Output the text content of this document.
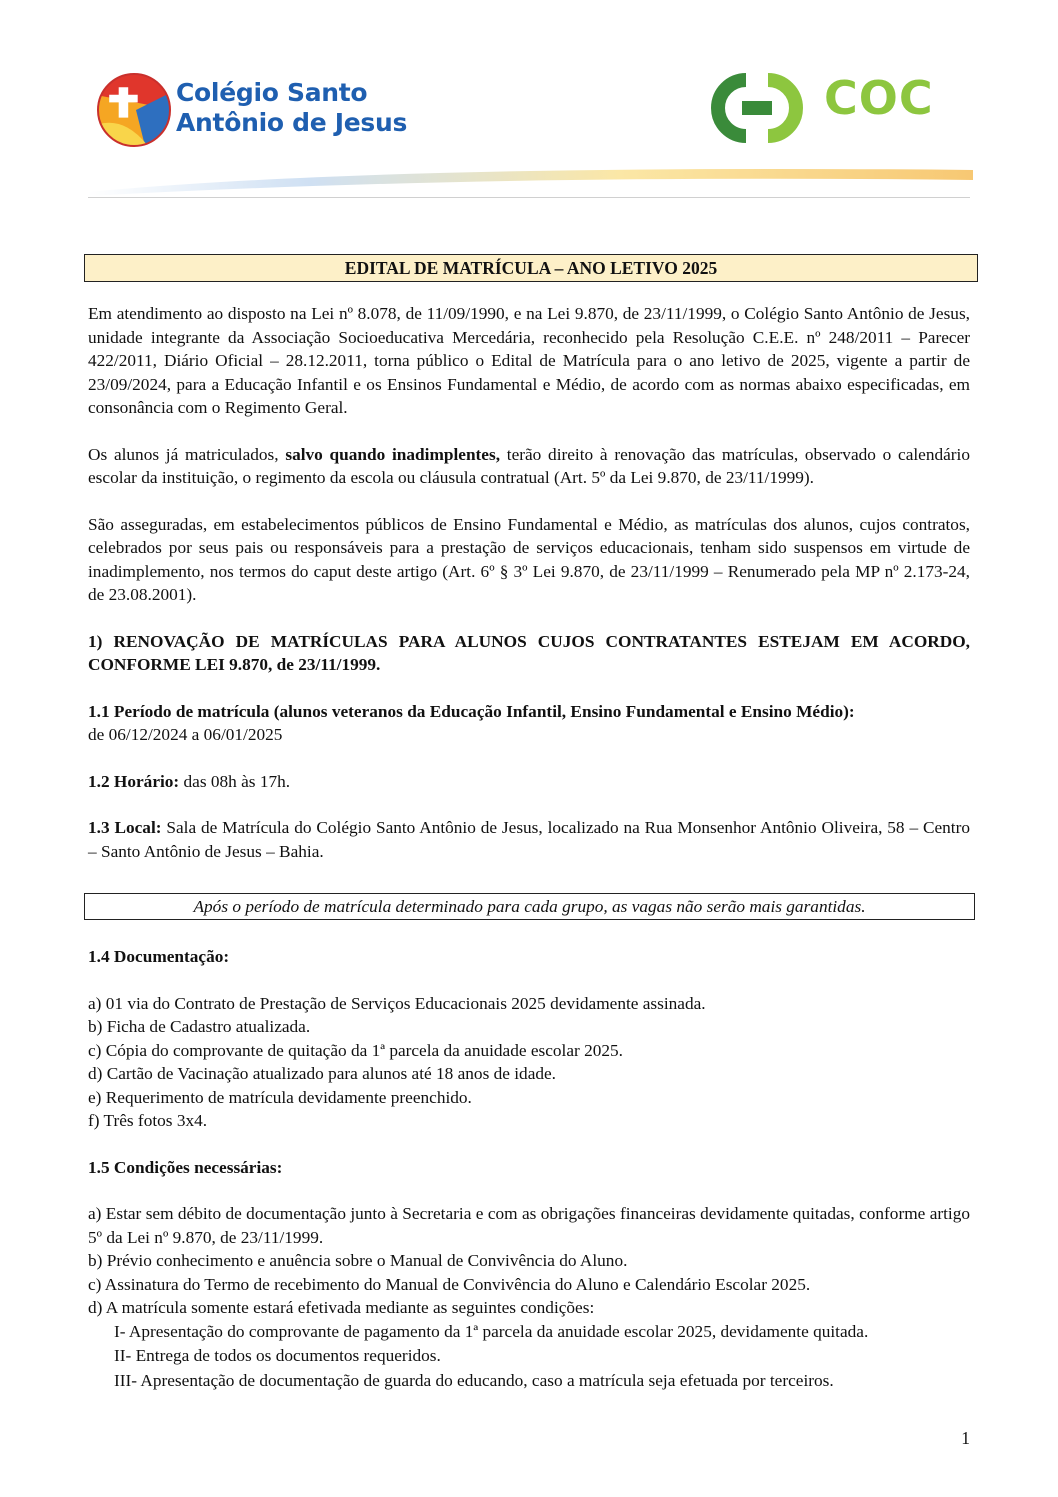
Colégio Santo
Antônio de Jesus	COC
EDITAL DE MATRÍCULA – ANO LETIVO 2025

Em atendimento ao disposto na Lei nº 8.078, de 11/09/1990, e na Lei 9.870, de 23/11/1999, o Colégio Santo Antônio de Jesus, unidade integrante da Associação Socioeducativa Mercedária, reconhecido pela Resolução C.E.E. nº 248/2011 – Parecer 422/2011, Diário Oficial – 28.12.2011, torna público o Edital de Matrícula para o ano letivo de 2025, vigente a partir de 23/09/2024, para a Educação Infantil e os Ensinos Fundamental e Médio, de acordo com as normas abaixo especificadas, em consonância com o Regimento Geral.

Os alunos já matriculados, salvo quando inadimplentes, terão direito à renovação das matrículas, observado o calendário escolar da instituição, o regimento da escola ou cláusula contratual (Art. 5º da Lei 9.870, de 23/11/1999).

São asseguradas, em estabelecimentos públicos de Ensino Fundamental e Médio, as matrículas dos alunos, cujos contratos, celebrados por seus pais ou responsáveis para a prestação de serviços educacionais, tenham sido suspensos em virtude de inadimplemento, nos termos do caput deste artigo (Art. 6º § 3º Lei 9.870, de 23/11/1999 – Renumerado pela MP nº 2.173-24, de 23.08.2001).

1) RENOVAÇÃO DE MATRÍCULAS PARA ALUNOS CUJOS CONTRATANTES ESTEJAM EM ACORDO, CONFORME LEI 9.870, de 23/11/1999.

1.1 Período de matrícula (alunos veteranos da Educação Infantil, Ensino Fundamental e Ensino Médio):
de 06/12/2024 a 06/01/2025

1.2 Horário: das 08h às 17h.

1.3 Local: Sala de Matrícula do Colégio Santo Antônio de Jesus, localizado na Rua Monsenhor Antônio Oliveira, 58 – Centro – Santo Antônio de Jesus – Bahia.

1.4 Documentação:

a) 01 via do Contrato de Prestação de Serviços Educacionais 2025 devidamente assinada.

b) Ficha de Cadastro atualizada.

c) Cópia do comprovante de quitação da 1ª parcela da anuidade escolar 2025.

d) Cartão de Vacinação atualizado para alunos até 18 anos de idade.

e) Requerimento de matrícula devidamente preenchido.

f) Três fotos 3x4.

1.5 Condições necessárias:

a) Estar sem débito de documentação junto à Secretaria e com as obrigações financeiras devidamente quitadas, conforme artigo 5º da Lei nº 9.870, de 23/11/1999.

b) Prévio conhecimento e anuência sobre o Manual de Convivência do Aluno.

c) Assinatura do Termo de recebimento do Manual de Convivência do Aluno e Calendário Escolar 2025.

d) A matrícula somente estará efetivada mediante as seguintes condições:

I- Apresentação do comprovante de pagamento da 1ª parcela da anuidade escolar 2025, devidamente quitada.

II- Entrega de todos os documentos requeridos.

III- Apresentação de documentação de guarda do educando, caso a matrícula seja efetuada por terceiros.

Após o período de matrícula determinado para cada grupo, as vagas não serão mais garantidas.
1
